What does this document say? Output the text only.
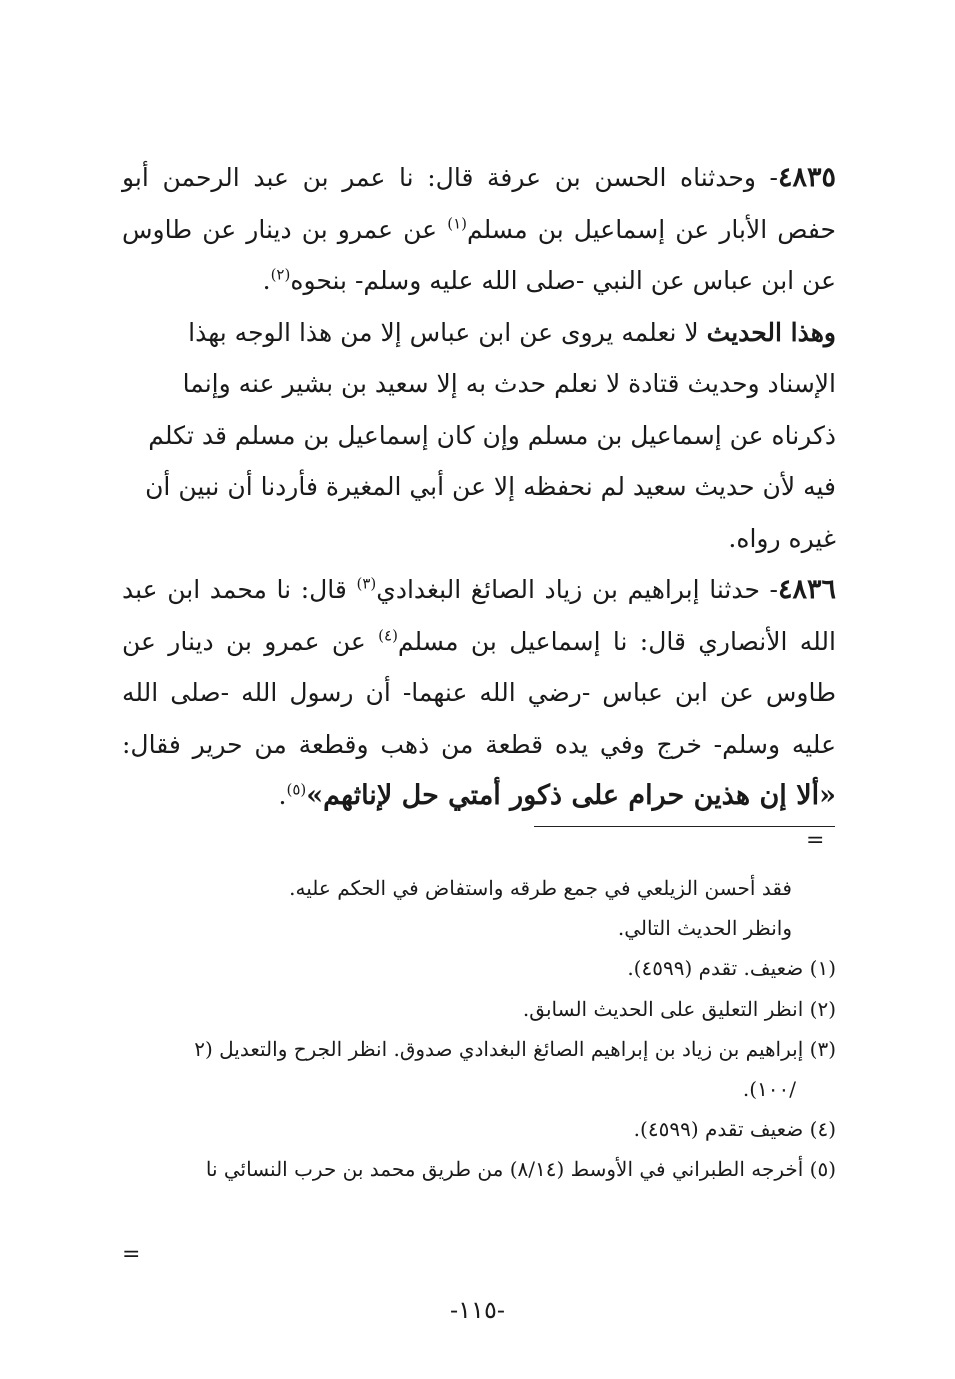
٤٨٣٥- وحدثناه الحسن بن عرفة قال: نا عمر بن عبد الرحمن أبو حفص الأبار عن إسماعيل بن مسلم$^{(١)}$ عن عمرو بن دينار عن طاوس عن ابن عباس عن النبي -صلى الله عليه وسلم- بنحوه$^{(٢)}$.

وهذا الحديث لا نعلمه يروى عن ابن عباس إلا من هذا الوجه بهذا الإسناد وحديث قتادة لا نعلم حدث به إلا سعيد بن بشير عنه وإنما ذكرناه عن إسماعيل بن مسلم وإن كان إسماعيل بن مسلم قد تكلم فيه لأن حديث سعيد لم نحفظه إلا عن أبي المغيرة فأردنا أن نبين أن غيره رواه.

٤٨٣٦- حدثنا إبراهيم بن زياد الصائغ البغدادي$^{(٣)}$ قال: نا محمد ابن عبد الله الأنصاري قال: نا إسماعيل بن مسلم$^{(٤)}$ عن عمرو بن دينار عن طاوس عن ابن عباس -رضي الله عنهما- أن رسول الله -صلى الله عليه وسلم- خرج وفي يده قطعة من ذهب وقطعة من حرير فقال: «ألا إن هذين حرام على ذكور أمتي حل لإناثهم»$^{(٥)}$.

=

فقد أحسن الزيلعي في جمع طرقه واستفاض في الحكم عليه.

وانظر الحديث التالي.

(١) ضعيف. تقدم (٤٥٩٩).

(٢) انظر التعليق على الحديث السابق.

(٣) إبراهيم بن زياد بن إبراهيم الصائغ البغدادي صدوق. انظر الجرح والتعديل (٢

/١٠٠).

(٤) ضعيف تقدم (٤٥٩٩).

(٥) أخرجه الطبراني في الأوسط (٨/١٤) من طريق محمد بن حرب النسائي نا

=
-١١٥-
